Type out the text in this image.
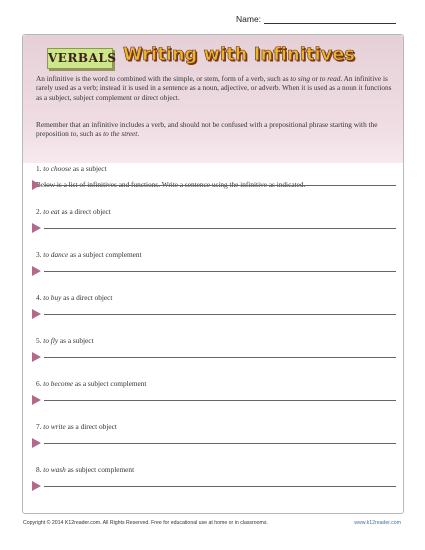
Name:
VERBALS Writing with Infinitives
An infinitive is the word to combined with the simple, or stem, form of a verb, such as to sing or to read. An infinitive is rarely used as a verb; instead it is used in a sentence as a noun, adjective, or adverb. When it is used as a noun it functions as a subject, subject complement or direct object.
Remember that an infinitive includes a verb, and should not be confused with a prepositional phrase starting with the preposition to, such as to the street.
Below is a list of infinitives and functions. Write a sentence using the infinitive as indicated.
1. to choose as a subject
2. to eat as a direct object
3. to dance as a subject complement
4. to buy as a direct object
5. to fly as a subject
6. to become as a subject complement
7. to write as a direct object
8. to wash as subject complement
Copyright © 2014 K12reader.com. All Rights Reserved. Free for educational use at home or in classrooms.	www.k12reader.com
